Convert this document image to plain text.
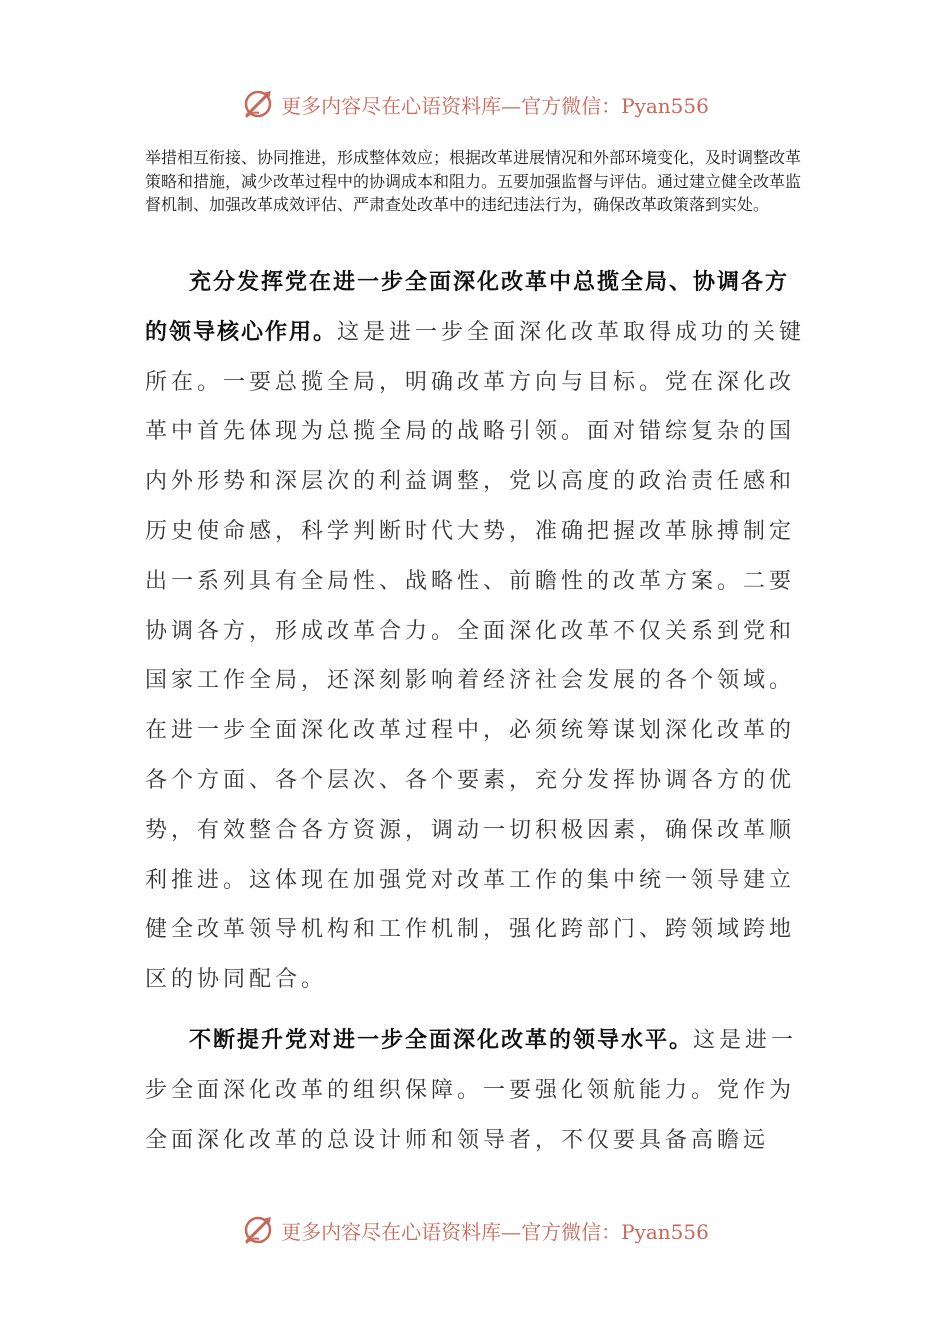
更多内容尽在心语资料库—官方微信：Pyan556

举措相互衔接、协同推进，形成整体效应；根据改革进展情况和外部环境变化，及时调整改革策略和措施，减少改革过程中的协调成本和阻力。五要加强监督与评估。通过建立健全改革监督机制、加强改革成效评估、严肃查处改革中的违纪违法行为，确保改革政策落到实处。

充分发挥党在进一步全面深化改革中总揽全局、协调各方的领导核心作用。这是进一步全面深化改革取得成功的关键所在。一要总揽全局，明确改革方向与目标。党在深化改革中首先体现为总揽全局的战略引领。面对错综复杂的国内外形势和深层次的利益调整，党以高度的政治责任感和历史使命感，科学判断时代大势，准确把握改革脉搏制定出一系列具有全局性、战略性、前瞻性的改革方案。二要协调各方，形成改革合力。全面深化改革不仅关系到党和国家工作全局，还深刻影响着经济社会发展的各个领域。在进一步全面深化改革过程中，必须统筹谋划深化改革的各个方面、各个层次、各个要素，充分发挥协调各方的优势，有效整合各方资源，调动一切积极因素，确保改革顺利推进。这体现在加强党对改革工作的集中统一领导建立健全改革领导机构和工作机制，强化跨部门、跨领域跨地区的协同配合。

不断提升党对进一步全面深化改革的领导水平。这是进一步全面深化改革的组织保障。一要强化领航能力。党作为全面深化改革的总设计师和领导者，不仅要具备高瞻远

更多内容尽在心语资料库—官方微信：Pyan556
